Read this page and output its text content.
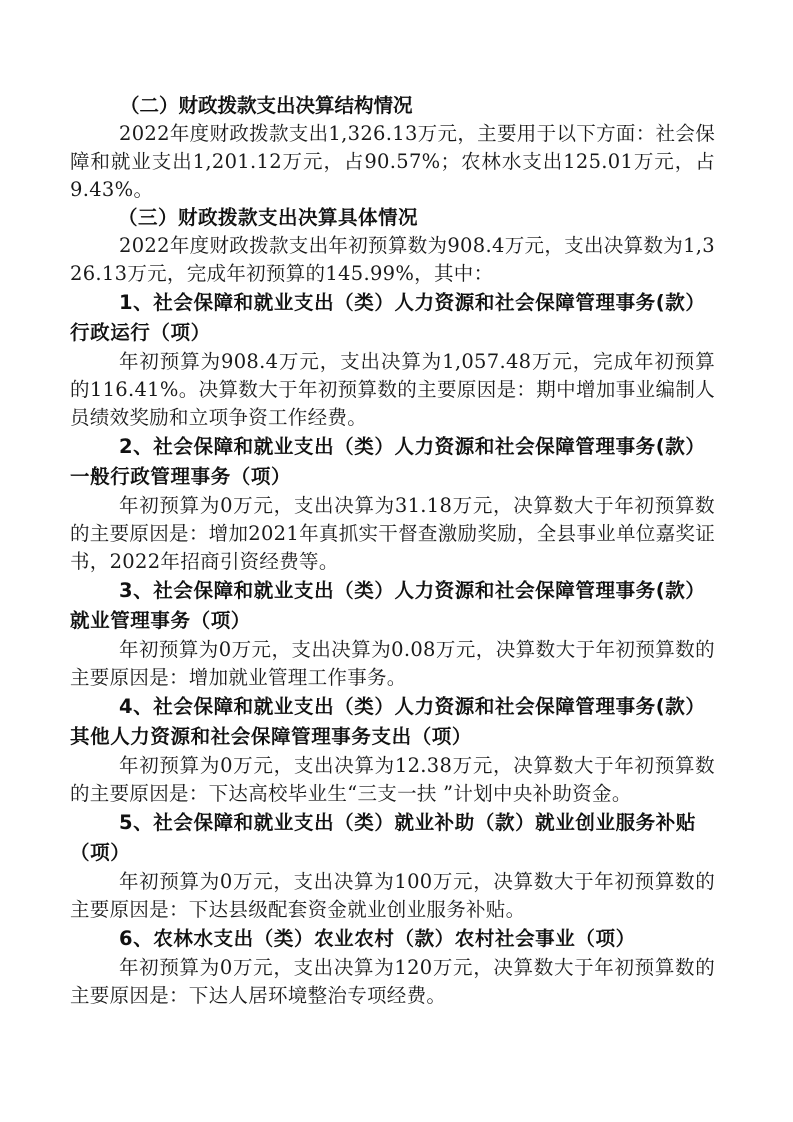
（二）财政拨款支出决算结构情况

2022年度财政拨款支出1,326.13万元，主要用于以下方面：社会保障和就业支出1,201.12万元，占90.57%；农林水支出125.01万元，占9.43%。

（三）财政拨款支出决算具体情况

2022年度财政拨款支出年初预算数为908.4万元，支出决算数为1,326.13万元，完成年初预算的145.99%，其中：

1、社会保障和就业支出（类）人力资源和社会保障管理事务(款）行政运行（项）

年初预算为908.4万元，支出决算为1,057.48万元，完成年初预算的116.41%。决算数大于年初预算数的主要原因是：期中增加事业编制人员绩效奖励和立项争资工作经费。

2、社会保障和就业支出（类）人力资源和社会保障管理事务(款） 一般行政管理事务（项）

年初预算为0万元，支出决算为31.18万元，决算数大于年初预算数的主要原因是：增加2021年真抓实干督查激励奖励，全县事业单位嘉奖证书，2022年招商引资经费等。

3、社会保障和就业支出（类）人力资源和社会保障管理事务(款）就业管理事务（项）

年初预算为0万元，支出决算为0.08万元，决算数大于年初预算数的主要原因是：增加就业管理工作事务。

4、社会保障和就业支出（类）人力资源和社会保障管理事务(款）其他人力资源和社会保障管理事务支出（项）

年初预算为0万元，支出决算为12.38万元，决算数大于年初预算数的主要原因是：下达高校毕业生“三支一扶 ”计划中央补助资金。

5、社会保障和就业支出（类）就业补助（款）就业创业服务补贴（项）

年初预算为0万元，支出决算为100万元，决算数大于年初预算数的主要原因是：下达县级配套资金就业创业服务补贴。

6、农林水支出（类）农业农村（款）农村社会事业（项）

年初预算为0万元，支出决算为120万元，决算数大于年初预算数的主要原因是：下达人居环境整治专项经费。
